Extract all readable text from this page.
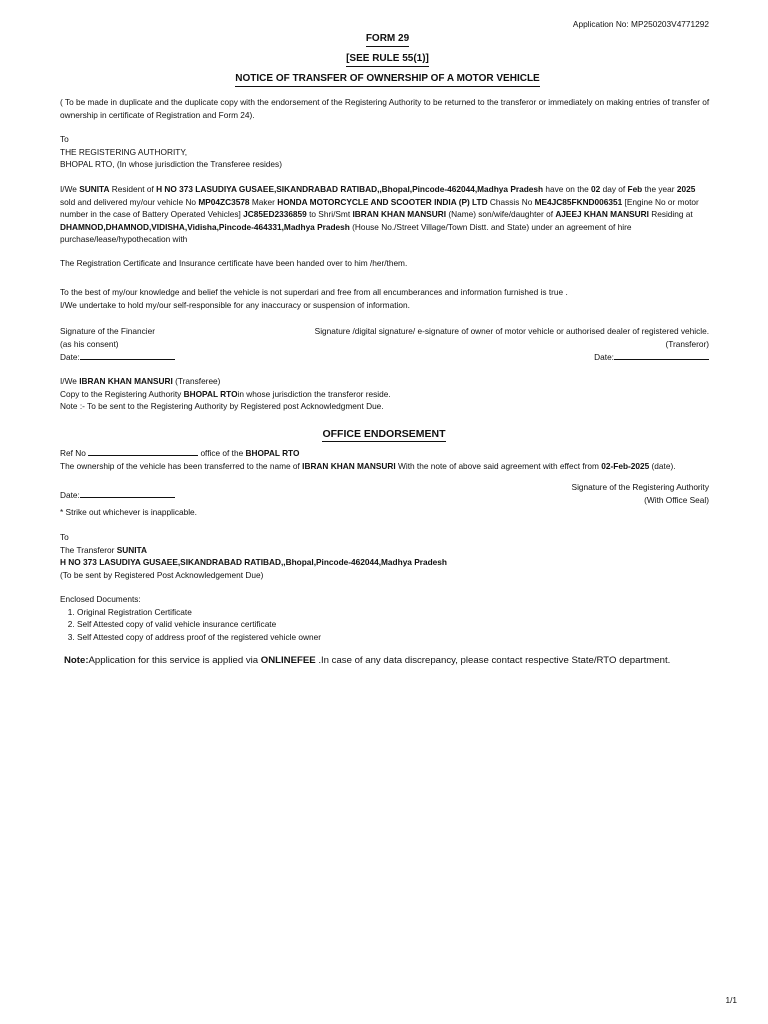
Application No: MP250203V4771292
FORM 29
[SEE RULE 55(1)]
NOTICE OF TRANSFER OF OWNERSHIP OF A MOTOR VEHICLE
( To be made in duplicate and the duplicate copy with the endorsement of the Registering Authority to be returned to the transferor or immediately on making entries of transfer of ownership in certificate of Registration and Form 24).
To
THE REGISTERING AUTHORITY,
BHOPAL RTO, (In whose jurisdiction the Transferee resides)
I/We SUNITA Resident of H NO 373 LASUDIYA GUSAEE,SIKANDRABAD RATIBAD,,Bhopal,Pincode-462044,Madhya Pradesh have on the 02 day of Feb the year 2025 sold and delivered my/our vehicle No MP04ZC3578 Maker HONDA MOTORCYCLE AND SCOOTER INDIA (P) LTD Chassis No ME4JC85FKND006351 [Engine No or motor number in the case of Battery Operated Vehicles] JC85ED2336859 to Shri/Smt IBRAN KHAN MANSURI (Name) son/wife/daughter of AJEEJ KHAN MANSURI Residing at DHAMNOD,DHAMNOD,VIDISHA,Vidisha,Pincode-464331,Madhya Pradesh (House No./Street Village/Town Distt. and State) under an agreement of hire purchase/lease/hypothecation with
The Registration Certificate and Insurance certificate have been handed over to him /her/them.
To the best of my/our knowledge and belief the vehicle is not superdari and free from all encumberances and information furnished is true .
I/We undertake to hold my/our self-responsible for any inaccuracy or suspension of information.
Signature of the Financier
(as his consent)
Date:
Signature /digital signature/ e-signature of owner of motor vehicle or authorised dealer of registered vehicle.
(Transferor)
Date:
I/We IBRAN KHAN MANSURI (Transferee)
Copy to the Registering Authority BHOPAL RTOin whose jurisdiction the transferor reside.
Note :- To be sent to the Registering Authority by Registered post Acknowledgment Due.
OFFICE ENDORSEMENT
Ref No	office of the BHOPAL RTO
The ownership of the vehicle has been transferred to the name of IBRAN KHAN MANSURI With the note of above said agreement with effect from 02-Feb-2025 (date).
Date:
Signature of the Registering Authority
(With Office Seal)
* Strike out whichever is inapplicable.
To
The Transferor SUNITA
H NO 373 LASUDIYA GUSAEE,SIKANDRABAD RATIBAD,,Bhopal,Pincode-462044,Madhya Pradesh
(To be sent by Registered Post Acknowledgement Due)
Enclosed Documents:
1. Original Registration Certificate
2. Self Attested copy of valid vehicle insurance certificate
3. Self Attested copy of address proof of the registered vehicle owner
Note:Application for this service is applied via ONLINEFEE .In case of any data discrepancy, please contact respective State/RTO department.
1/1
